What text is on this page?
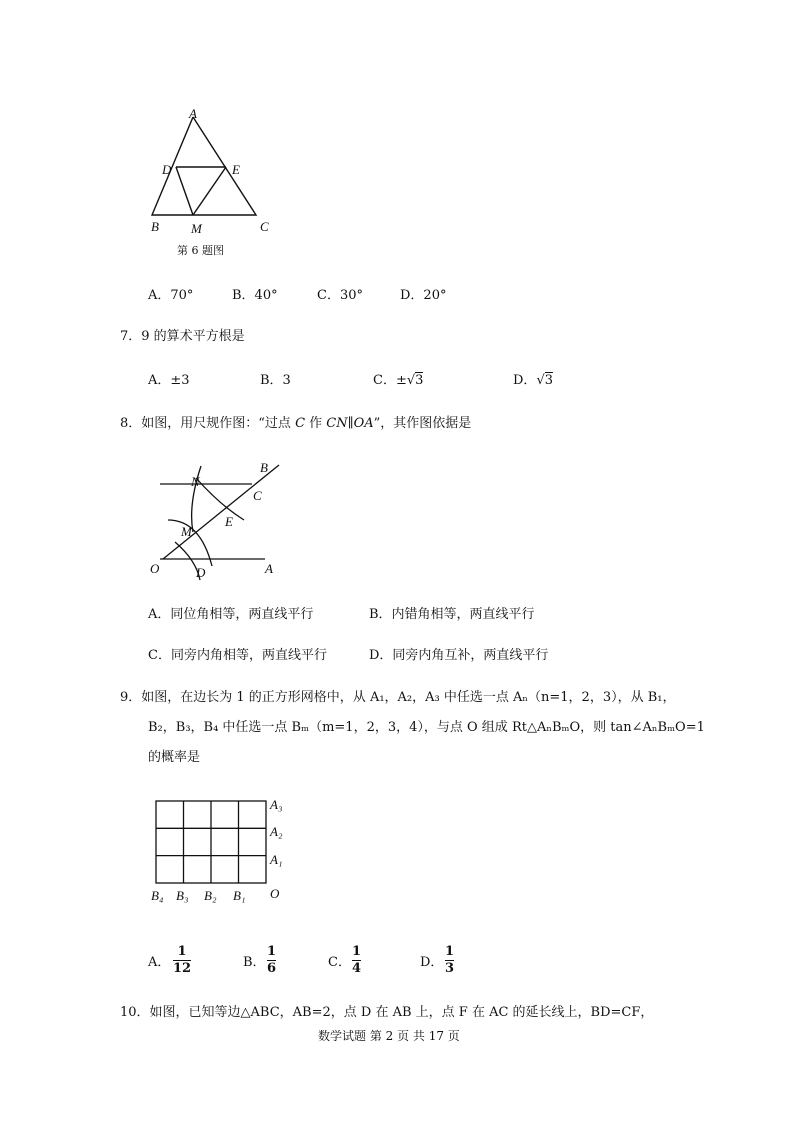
A
D	E
B M	C
第 6 题图
A．70°	B．40°	C．30°	D．20°
7．9 的算术平方根是
A．±3	B．3	C．±√3	D．√3
8．如图，用尺规作图：“过点 C 作 CN∥OA”，其作图依据是
B
N
C
E
M
O	D	A
A．同位角相等，两直线平行	B．内错角相等，两直线平行
C．同旁内角相等，两直线平行	D．同旁内角互补，两直线平行
9．如图，在边长为 1 的正方形网格中，从 A₁，A₂，A₃ 中任选一点 Aₙ（n=1，2，3），从 B₁，
B₂，B₃，B₄ 中任选一点 Bₘ（m=1，2，3，4），与点 O 组成 Rt△AₙBₘO，则 tan∠AₙBₘO=1
的概率是
A₃
A₂
A₁
O
B₄ B₃ B₂ B₁
A．
1
12	B．
1
6	C．
1
4	D．
1
3
10．如图，已知等边△ABC，AB=2，点 D 在 AB 上，点 F 在 AC 的延长线上，BD=CF，
数学试题 第 2 页 共 17 页
